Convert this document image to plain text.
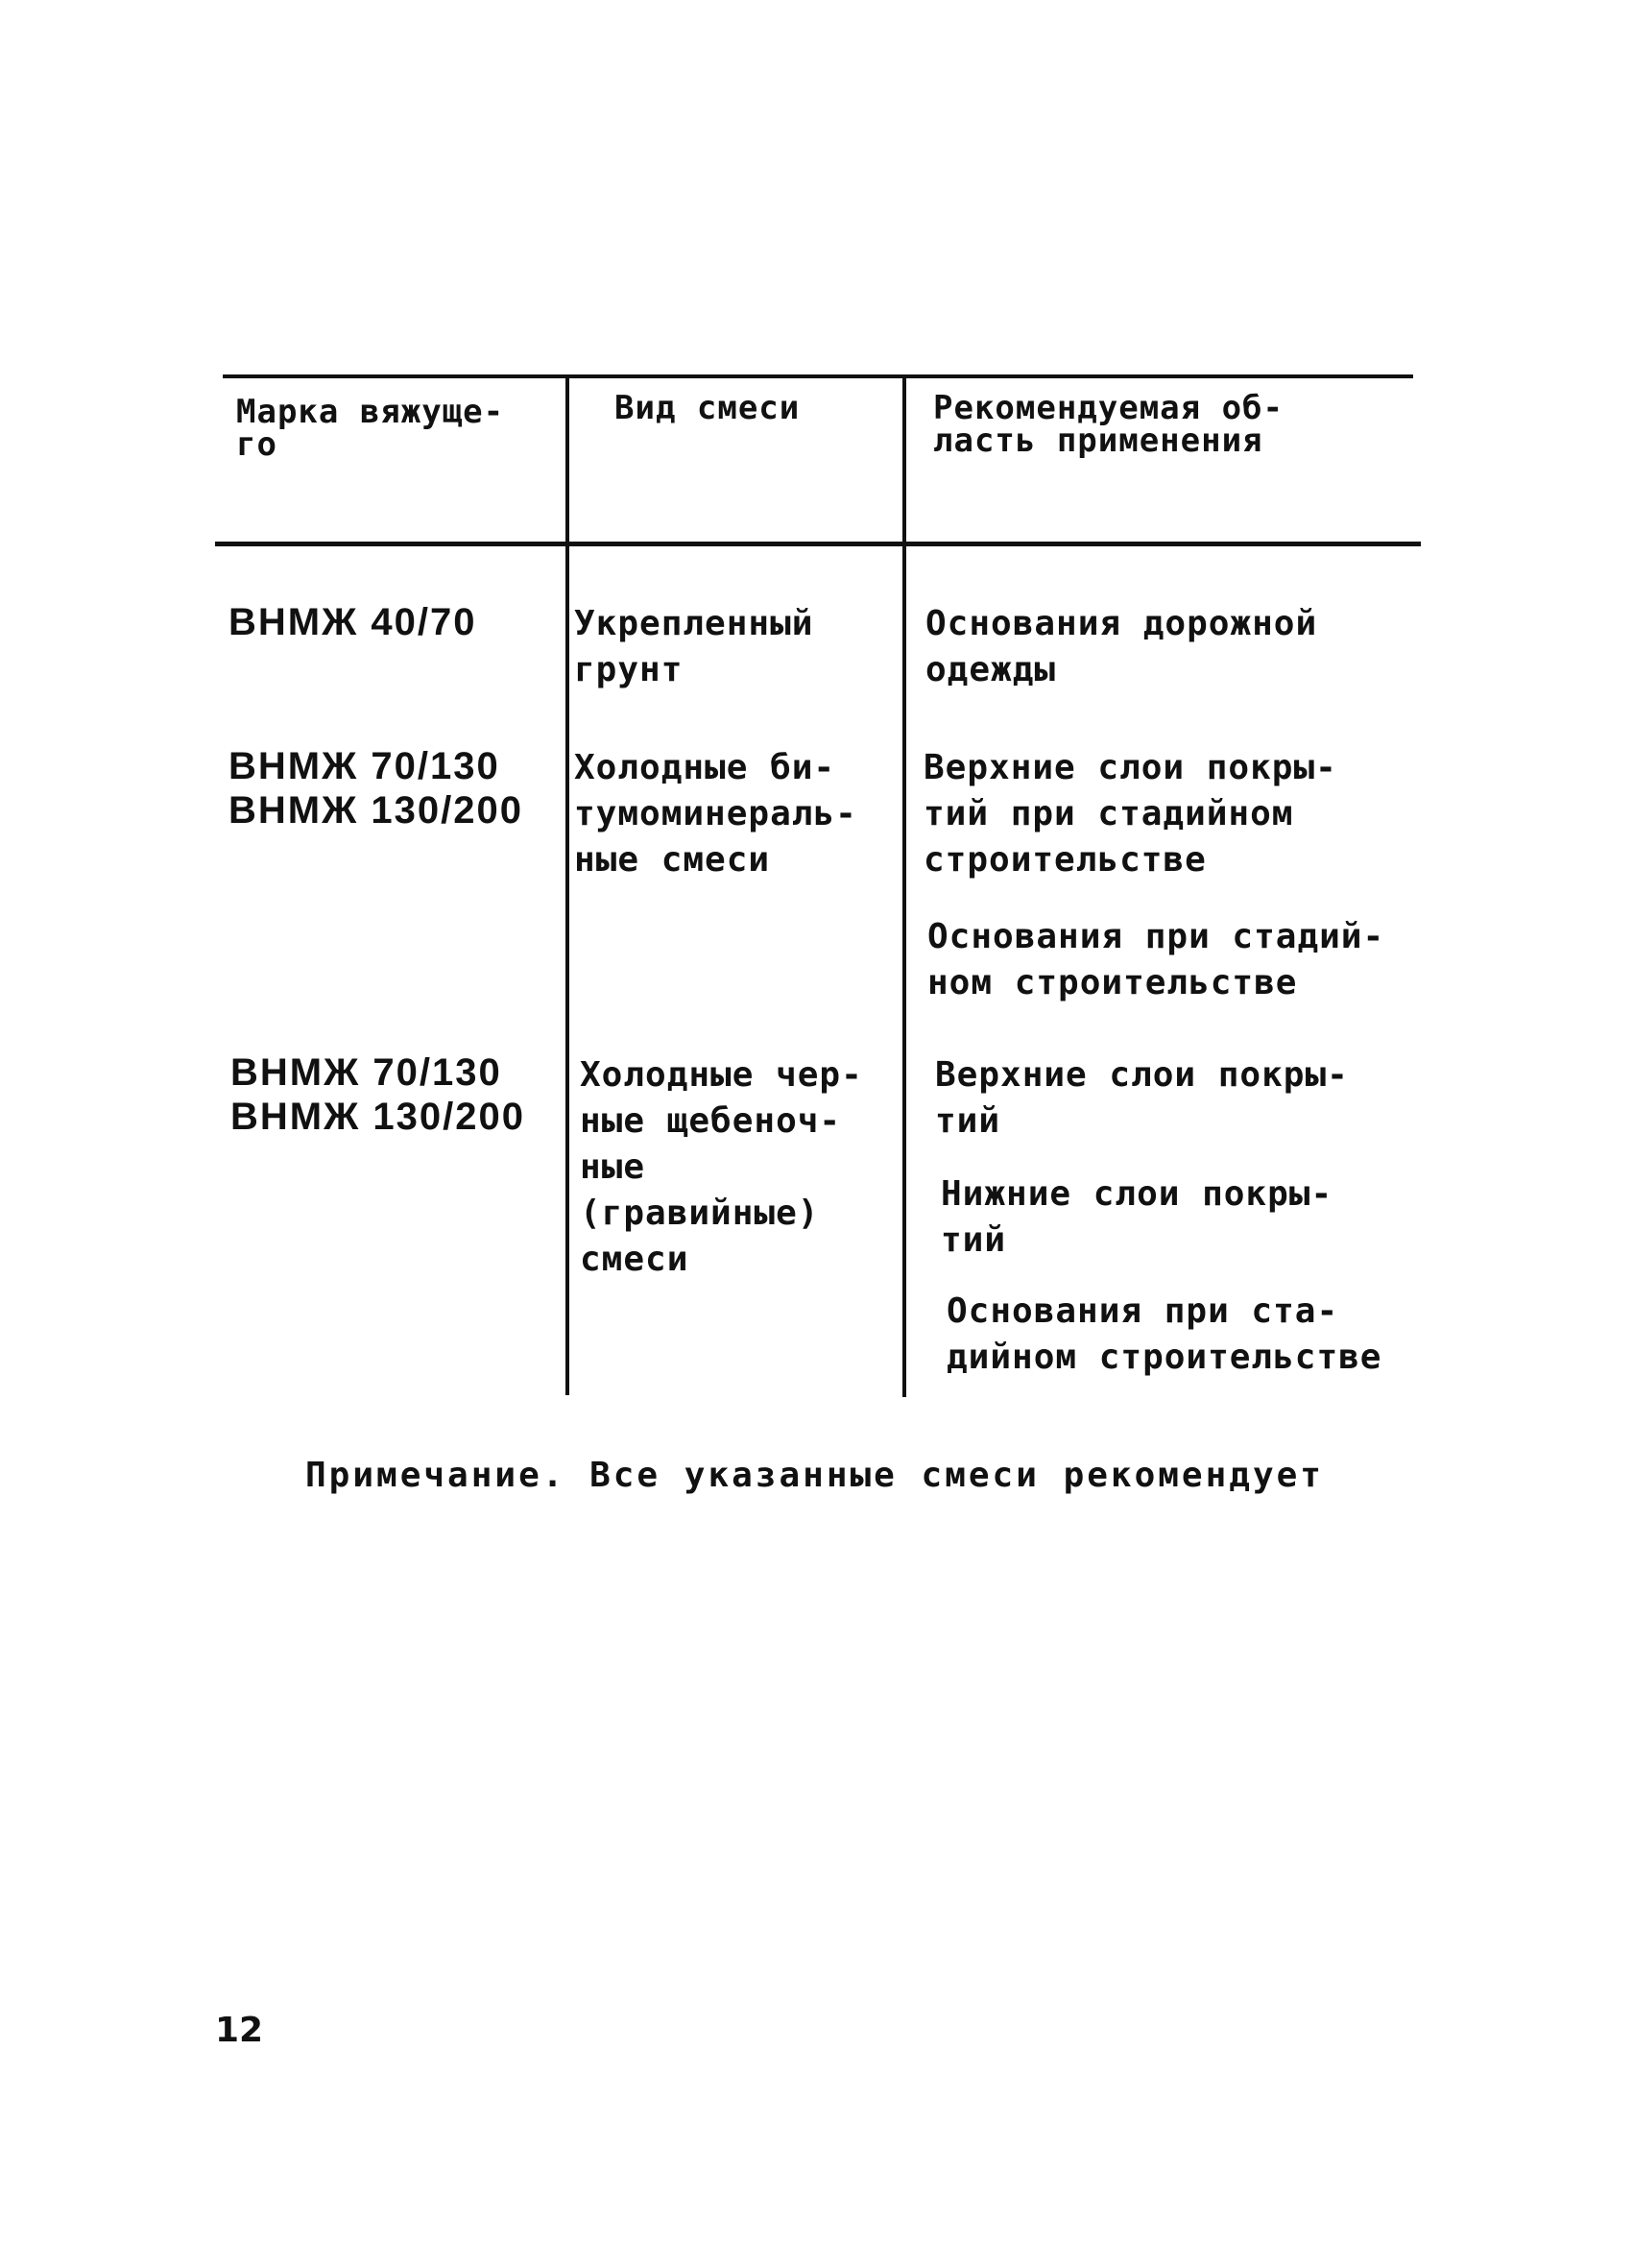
Марка вяжуще-
го
Вид смеси	Рекомендуемая об-
ласть применения
ВНМЖ 40/70	Укрепленный
грунт
Основания дорожной
одежды
ВНМЖ 70/130
ВНМЖ 130/200
Холодные би-
тумоминераль-
ные смеси
Верхние слои покры-
тий при стадийном
строительстве
Основания при стадий-
ном строительстве
ВНМЖ 70/130
ВНМЖ 130/200
Холодные чер-
ные щебеноч-
ные (гравийные)
смеси
Верхние слои покры-
тий
Нижние слои покры-
тий
Основания при ста-
дийном строительстве
Примечание. Все указанные смеси рекомендует
12
